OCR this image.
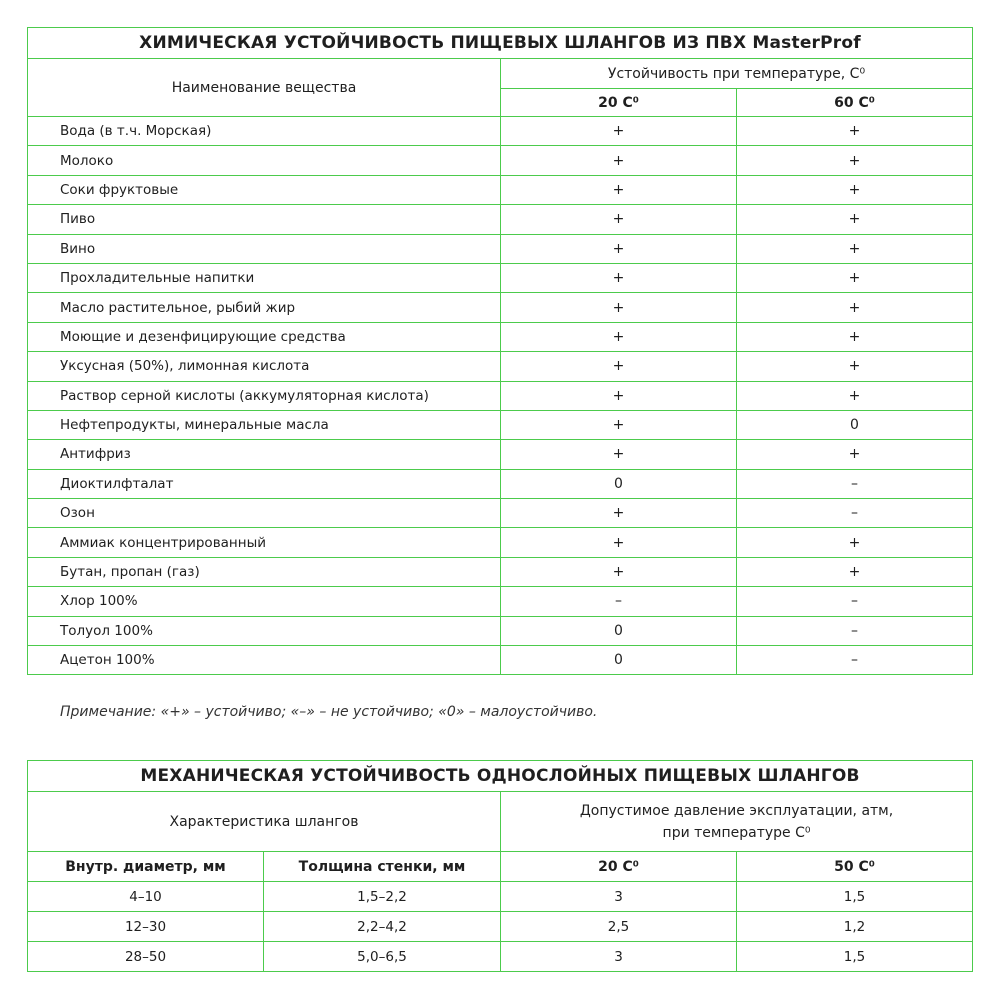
ХИМИЧЕСКАЯ УСТОЙЧИВОСТЬ ПИЩЕВЫХ ШЛАНГОВ ИЗ ПВХ MasterProf		
Наименование вещества	Устойчивость при температуре, С⁰	
	20 С⁰	60 С⁰
Вода (в т.ч. Морская)	+	+
Молоко	+	+
Соки фруктовые	+	+
Пиво	+	+
Вино	+	+
Прохладительные напитки	+	+
Масло растительное, рыбий жир	+	+
Моющие и дезенфицирующие средства	+	+
Уксусная (50%), лимонная кислота	+	+
Раствор серной кислоты (аккумуляторная кислота)	+	+
Нефтепродукты, минеральные масла	+	0
Антифриз	+	+
Диоктилфталат	0	–
Озон	+	–
Аммиак концентрированный	+	+
Бутан, пропан (газ)	+	+
Хлор 100%	–	–
Толуол 100%	0	–
Ацетон 100%	0	–
Примечание: «+» – устойчиво; «–» – не устойчиво; «0» – малоустойчиво.
МЕХАНИЧЕСКАЯ УСТОЙЧИВОСТЬ ОДНОСЛОЙНЫХ ПИЩЕВЫХ ШЛАНГОВ			
Характеристика шлангов		Допустимое давление эксплуатации, атм,
при температуре С⁰	
Внутр. диаметр, мм	Толщина стенки, мм	20 С⁰	50 С⁰
4–10	1,5–2,2	3	1,5
12–30	2,2–4,2	2,5	1,2
28–50	5,0–6,5	3	1,5
